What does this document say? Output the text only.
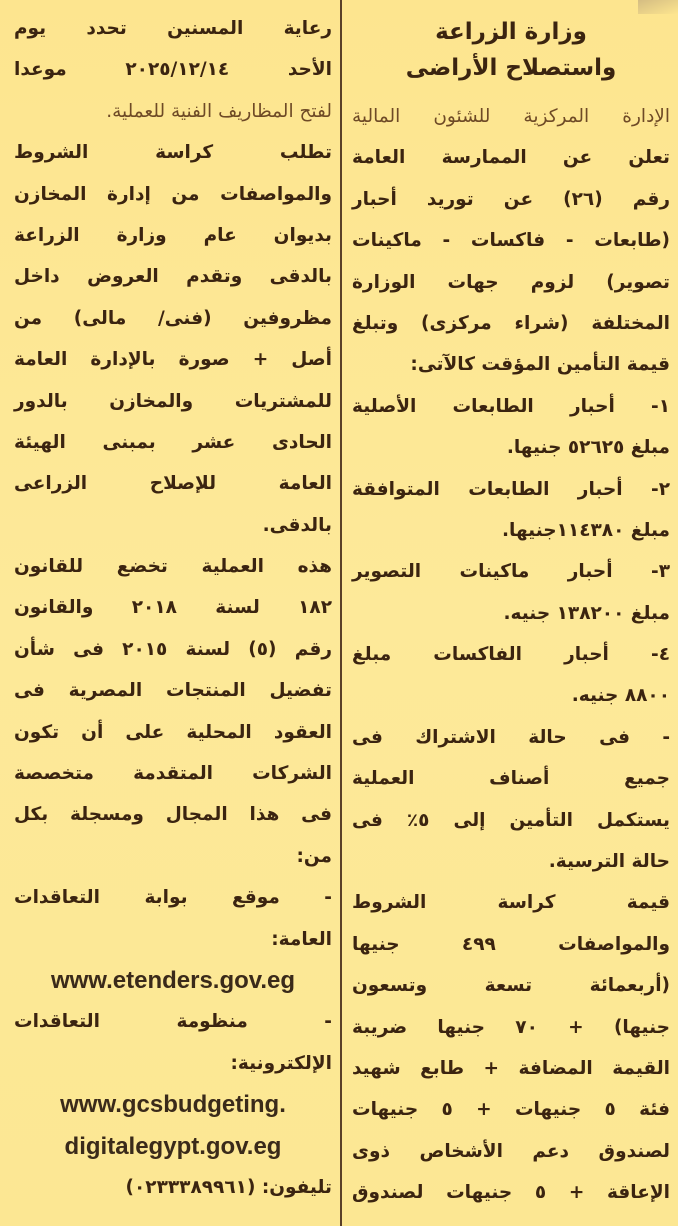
وزارة الزراعة
واستصلاح الأراضى
الإدارة المركزية للشئون المالية
تعلن عن الممارسة العامة
رقم (٢٦) عن توريد أحبار
(طابعات - فاكسات - ماكينات
تصوير) لزوم جهات الوزارة
المختلفة (شراء مركزى) وتبلغ
قيمة التأمين المؤقت كالآتى:
١- أحبار الطابعات الأصلية
مبلغ ٥٢٦٢٥ جنيها.
٢- أحبار الطابعات المتوافقة
مبلغ ١١٤٣٨٠جنيها.
٣- أحبار ماكينات التصوير
مبلغ ١٣٨٢٠٠ جنيه.
٤- أحبار الفاكسات مبلغ
٨٨٠٠ جنيه.
- فى حالة الاشتراك فى
جميع أصناف العملية
يستكمل التأمين إلى ٥٪ فى
حالة الترسية.
قيمة كراسة الشروط
والمواصفات ٤٩٩ جنيها
(أربعمائة تسعة وتسعون
جنيها) + ٧٠ جنيها ضريبة
القيمة المضافة + طابع شهيد
فئة ٥ جنيهات + ٥ جنيهات
لصندوق دعم الأشخاص ذوى
الإعاقة + ٥ جنيهات لصندوق
رعاية المسنين تحدد يوم
الأحد ٢٠٢٥/١٢/١٤ موعدا
لفتح المظاريف الفنية للعملية.
تطلب كراسة الشروط
والمواصفات من إدارة المخازن
بديوان عام وزارة الزراعة
بالدقى وتقدم العروض داخل
مظروفين (فنى/ مالى) من
أصل + صورة بالإدارة العامة
للمشتريات والمخازن بالدور
الحادى عشر بمبنى الهيئة
العامة للإصلاح الزراعى
بالدقى.
هذه العملية تخضع للقانون
١٨٢ لسنة ٢٠١٨ والقانون
رقم (٥) لسنة ٢٠١٥ فى شأن
تفضيل المنتجات المصرية فى
العقود المحلية على أن تكون
الشركات المتقدمة متخصصة
فى هذا المجال ومسجلة بكل
من:
- موقع بوابة التعاقدات
العامة:
www.etenders.gov.eg
- منظومة التعاقدات
الإلكترونية:
www.gcsbudgeting.
digitalegypt.gov.eg
تليفون: (٠٢٣٣٣٨٩٩٦١)
